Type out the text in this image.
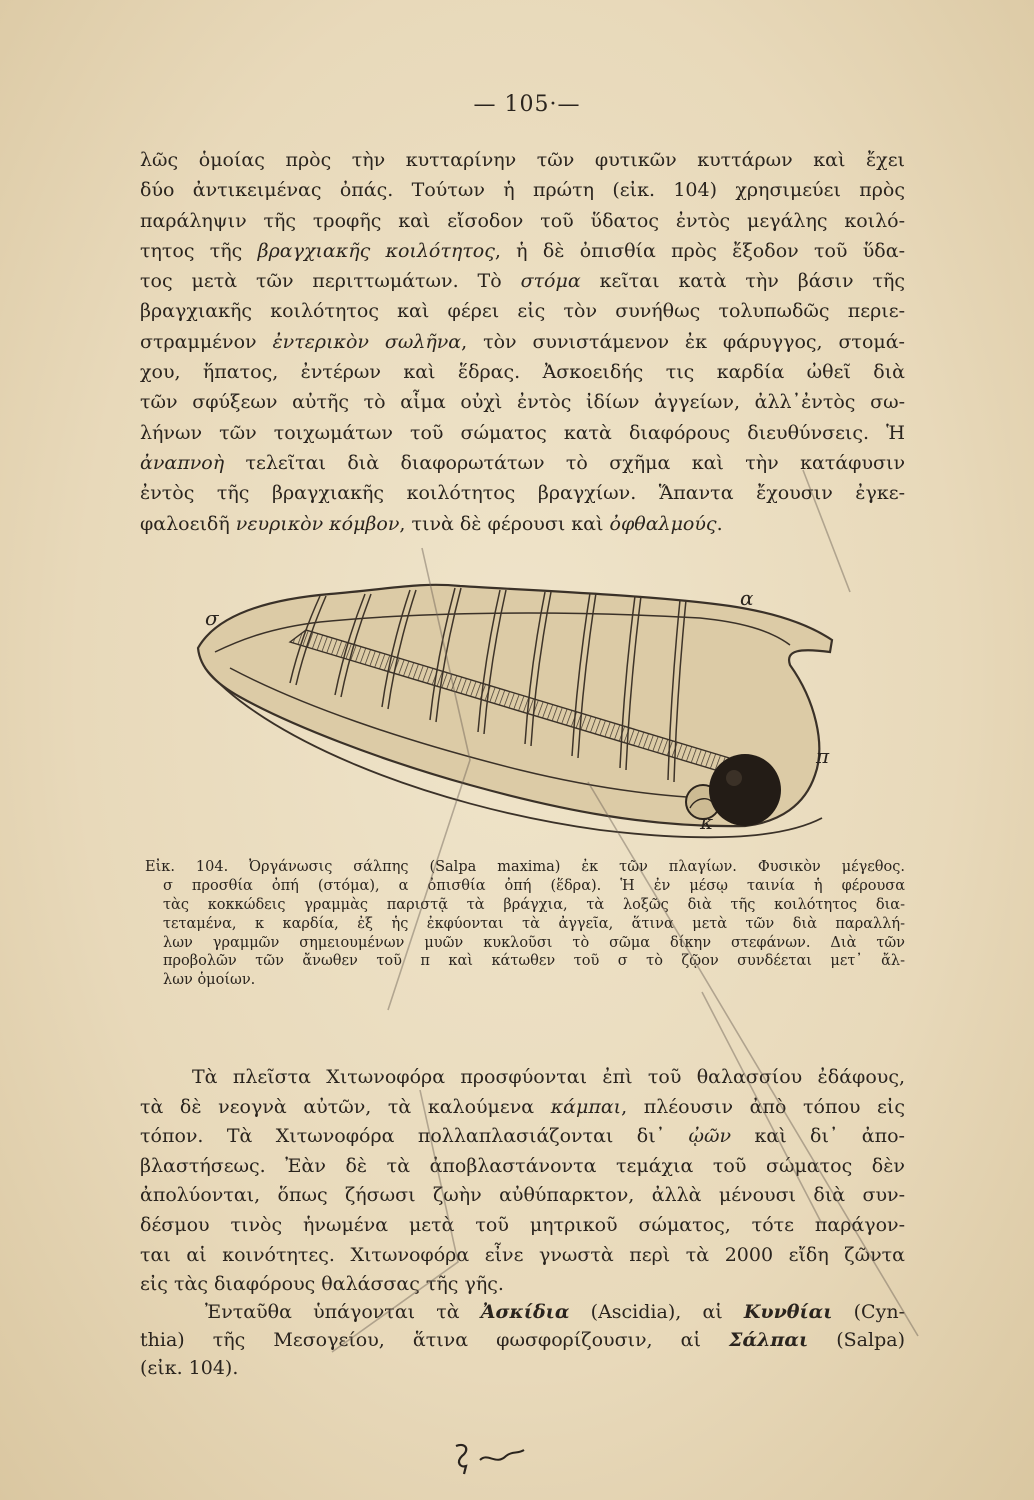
— 105·—
λῶς ὁμοίας πρὸς τὴν κυτταρίνην τῶν φυτικῶν κυττάρων καὶ ἔχει
δύο ἀντικειμένας ὀπάς. Τούτων ἡ πρώτη (εἰκ. 104) χρησιμεύει πρὸς
παράληψιν τῆς τροφῆς καὶ εἴσοδον τοῦ ὕδατος ἐντὸς μεγάλης κοιλό-
τητος τῆς βραγχιακῆς κοιλότητος, ἡ δὲ ὀπισθία πρὸς ἔξοδον τοῦ ὕδα-
τος μετὰ τῶν περιττωμάτων. Τὸ στόμα κεῖται κατὰ τὴν βάσιν τῆς
βραγχιακῆς κοιλότητος καὶ φέρει εἰς τὸν συνήθως τολυπωδῶς περιε-
στραμμένον ἐντερικὸν σωλῆνα, τὸν συνιστάμενον ἐκ φάρυγγος, στομά-
χου, ἥπατος, ἐντέρων καὶ ἕδρας. Ἀσκοειδής τις καρδία ὠθεῖ διὰ
τῶν σφύξεων αὐτῆς τὸ αἷμα οὐχὶ ἐντὸς ἰδίων ἀγγείων, ἀλλ᾽ἐντὸς σω-
λήνων τῶν τοιχωμάτων τοῦ σώματος κατὰ διαφόρους διευθύνσεις. Ἡ
ἀναπνοὴ τελεῖται διὰ διαφορωτάτων τὸ σχῆμα καὶ τὴν κατάφυσιν
ἐντὸς τῆς βραγχιακῆς κοιλότητος βραγχίων. Ἅπαντα ἔχουσιν ἐγκε-
φαλοειδῆ νευρικὸν κόμβον, τινὰ δὲ φέρουσι καὶ ὀφθαλμούς.
σ
α
π
κ
Εἰκ. 104. Ὀργάνωσις σάλπης (Salpa maxima) ἐκ τῶν πλαγίων. Φυσικὸν μέγεθος.
σ προσθία ὀπή (στόμα), α ὀπισθία ὀπή (ἕδρα). Ἡ ἐν μέσῳ ταινία ἡ φέρουσα
τὰς κοκκώδεις γραμμὰς παριστᾷ τὰ βράγχια, τὰ λοξῶς διὰ τῆς κοιλότητος δια-
τεταμένα, κ καρδία, ἐξ ἧς ἐκφύονται τὰ ἀγγεῖα, ἅτινα μετὰ τῶν διὰ παραλλή-
λων γραμμῶν σημειουμένων μυῶν κυκλοῦσι τὸ σῶμα δίκην στεφάνων. Διὰ τῶν
προβολῶν τῶν ἄνωθεν τοῦ π καὶ κάτωθεν τοῦ σ τὸ ζῷον συνδέεται μετ᾽ ἄλ-
λων ὁμοίων.
Τὰ πλεῖστα Χιτωνοφόρα προσφύονται ἐπὶ τοῦ θαλασσίου ἐδάφους,
τὰ δὲ νεογνὰ αὐτῶν, τὰ καλούμενα κάμπαι, πλέουσιν ἀπὸ τόπου εἰς
τόπον. Τὰ Χιτωνοφόρα πολλαπλασιάζονται δι᾽ ᾠῶν καὶ δι᾽ ἀπο-
βλαστήσεως. Ἐὰν δὲ τὰ ἀποβλαστάνοντα τεμάχια τοῦ σώματος δὲν
ἀπολύονται, ὅπως ζήσωσι ζωὴν αὐθύπαρκτον, ἀλλὰ μένουσι διὰ συν-
δέσμου τινὸς ἡνωμένα μετὰ τοῦ μητρικοῦ σώματος, τότε παράγον-
ται αἱ κοινότητες. Χιτωνοφόρα εἶνε γνωστὰ περὶ τὰ 2000 εἴδη ζῶντα
εἰς τὰς διαφόρους θαλάσσας τῆς γῆς.
Ἐνταῦθα ὑπάγονται τὰ Ἀσκίδια (Ascidia), αἱ Κυνθίαι (Cyn-
thia) τῆς Μεσογείου, ἅτινα φωσφορίζουσιν, αἱ Σάλπαι (Salpa)
(εἰκ. 104).
